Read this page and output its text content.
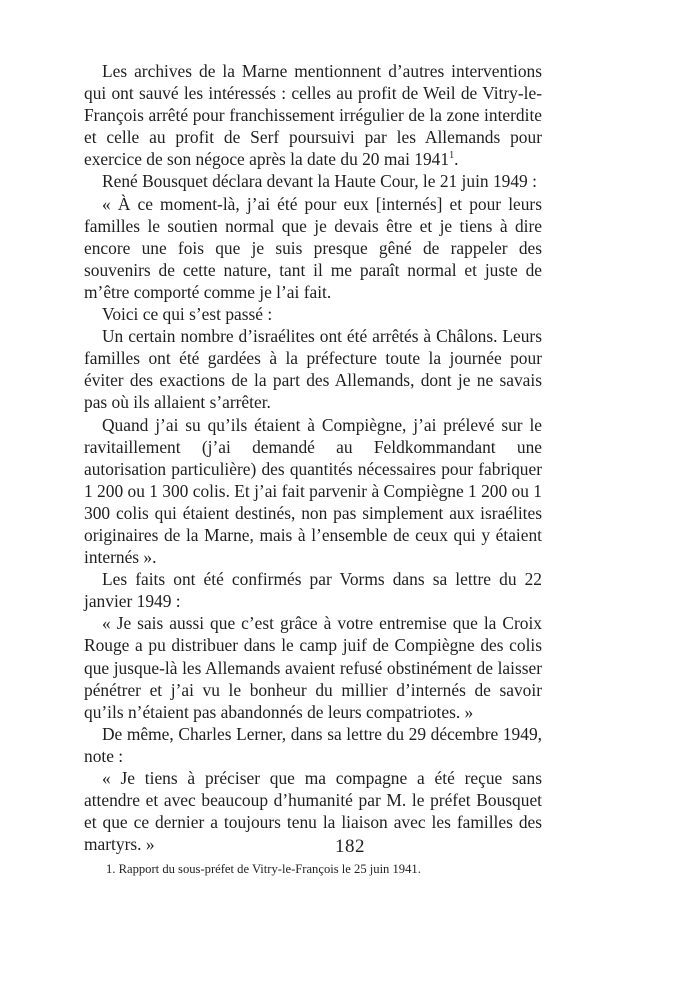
Les archives de la Marne mentionnent d’autres interventions qui ont sauvé les intéressés : celles au profit de Weil de Vitry-le-François arrêté pour franchissement irrégulier de la zone interdite et celle au profit de Serf poursuivi par les Allemands pour exercice de son négoce après la date du 20 mai 1941$^1$.

René Bousquet déclara devant la Haute Cour, le 21 juin 1949 :

« À ce moment-là, j’ai été pour eux [internés] et pour leurs familles le soutien normal que je devais être et je tiens à dire encore une fois que je suis presque gêné de rappeler des souvenirs de cette nature, tant il me paraît normal et juste de m’être comporté comme je l’ai fait.

Voici ce qui s’est passé :

Un certain nombre d’israélites ont été arrêtés à Châlons. Leurs familles ont été gardées à la préfecture toute la journée pour éviter des exactions de la part des Allemands, dont je ne savais pas où ils allaient s’arrêter.

Quand j’ai su qu’ils étaient à Compiègne, j’ai prélevé sur le ravitaillement (j’ai demandé au Feldkommandant une autorisation particulière) des quantités nécessaires pour fabriquer 1 200 ou 1 300 colis. Et j’ai fait parvenir à Compiègne 1 200 ou 1 300 colis qui étaient destinés, non pas simplement aux israélites originaires de la Marne, mais à l’ensemble de ceux qui y étaient internés ».

Les faits ont été confirmés par Vorms dans sa lettre du 22 janvier 1949 :

« Je sais aussi que c’est grâce à votre entremise que la Croix Rouge a pu distribuer dans le camp juif de Compiègne des colis que jusque-là les Allemands avaient refusé obstinément de laisser pénétrer et j’ai vu le bonheur du millier d’internés de savoir qu’ils n’étaient pas abandonnés de leurs compatriotes. »

De même, Charles Lerner, dans sa lettre du 29 décembre 1949, note :

« Je tiens à préciser que ma compagne a été reçue sans attendre et avec beaucoup d’humanité par M. le préfet Bousquet et que ce dernier a toujours tenu la liaison avec les familles des martyrs. »

1. Rapport du sous-préfet de Vitry-le-François le 25 juin 1941.

182
